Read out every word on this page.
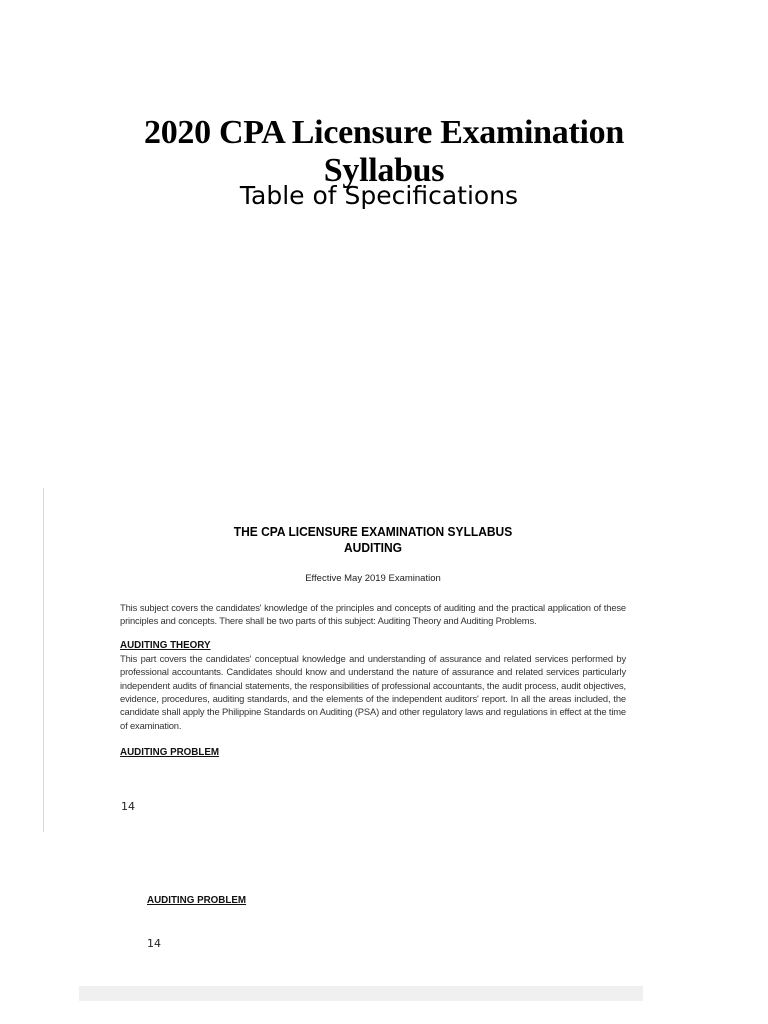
2020 CPA Licensure Examination
Syllabus
Table of Specifications
THE CPA LICENSURE EXAMINATION SYLLABUS
AUDITING
Effective May 2019 Examination
This subject covers the candidates' knowledge of the principles and concepts of auditing and the practical application of these principles and concepts. There shall be two parts of this subject: Auditing Theory and Auditing Problems.
AUDITING THEORY
This part covers the candidates' conceptual knowledge and understanding of assurance and related services performed by professional accountants. Candidates should know and understand the nature of assurance and related services particularly independent audits of financial statements, the responsibilities of professional accountants, the audit process, audit objectives, evidence, procedures, auditing standards, and the elements of the independent auditors' report. In all the areas included, the candidate shall apply the Philippine Standards on Auditing (PSA) and other regulatory laws and regulations in effect at the time of examination.
AUDITING PROBLEM
14
AUDITING PROBLEM
14
